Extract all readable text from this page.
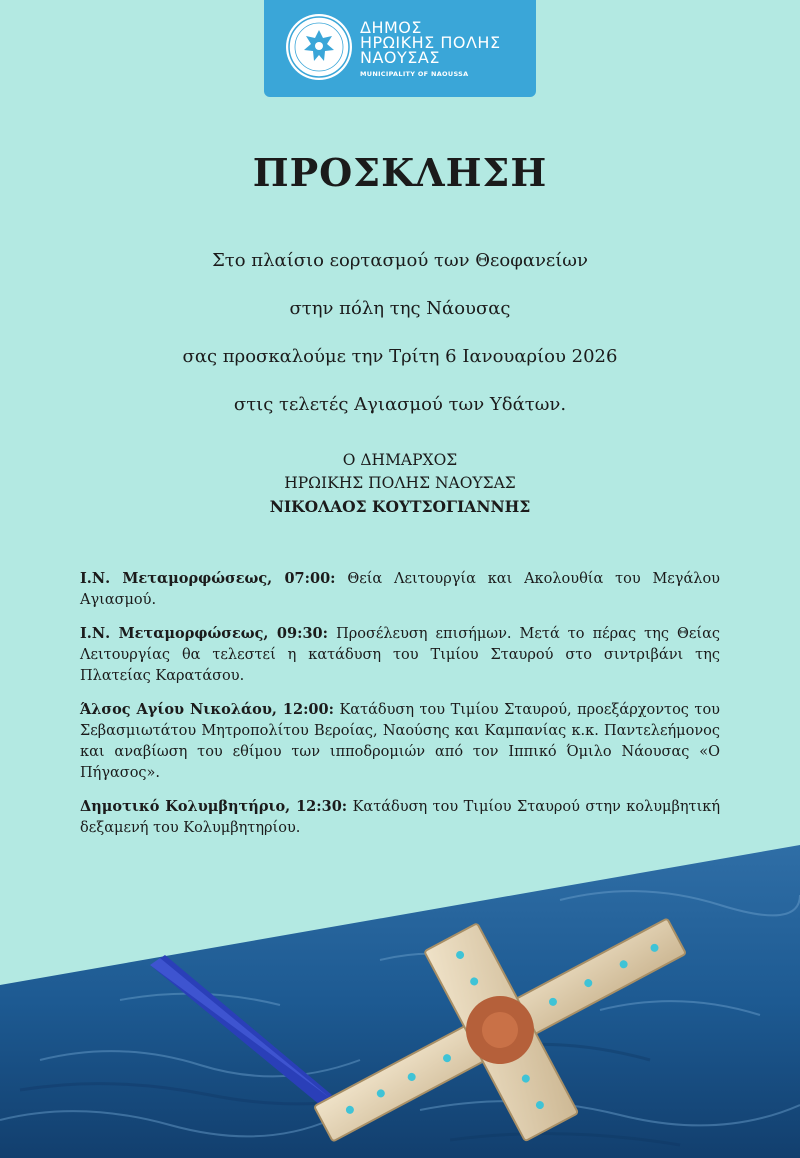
ΔΗΜΟΣ
ΗΡΩΙΚΗΣ ΠΟΛΗΣ
ΝΑΟΥΣΑΣ
MUNICIPALITY OF NAOUSSA
ΠΡΟΣΚΛΗΣΗ
Στο πλαίσιο εορτασμού των Θεοφανείων
στην πόλη της Νάουσας
σας προσκαλούμε την Τρίτη 6 Ιανουαρίου 2026
στις τελετές Αγιασμού των Υδάτων.
Ο ΔΗΜΑΡΧΟΣ
ΗΡΩΙΚΗΣ ΠΟΛΗΣ ΝΑΟΥΣΑΣ
ΝΙΚΟΛΑΟΣ ΚΟΥΤΣΟΓΙΑΝΝΗΣ

Ι.Ν. Μεταμορφώσεως, 07:00: Θεία Λειτουργία και Ακολουθία του Μεγάλου Αγιασμού.

Ι.Ν. Μεταμορφώσεως, 09:30: Προσέλευση επισήμων. Μετά το πέρας της Θείας Λειτουργίας θα τελεστεί η κατάδυση του Τιμίου Σταυρού στο σιντριβάνι της Πλατείας Καρατάσου.

Άλσος Αγίου Νικολάου, 12:00: Κατάδυση του Τιμίου Σταυρού, προεξάρχοντος του Σεβασμιωτάτου Μητροπολίτου Βεροίας, Ναούσης και Καμπανίας κ.κ. Παντελεήμονος και αναβίωση του εθίμου των ιπποδρομιών από τον Ιππικό Όμιλο Νάουσας «Ο Πήγασος».

Δημοτικό Κολυμβητήριο, 12:30: Κατάδυση του Τιμίου Σταυρού στην κολυμβητική δεξαμενή του Κολυμβητηρίου.
